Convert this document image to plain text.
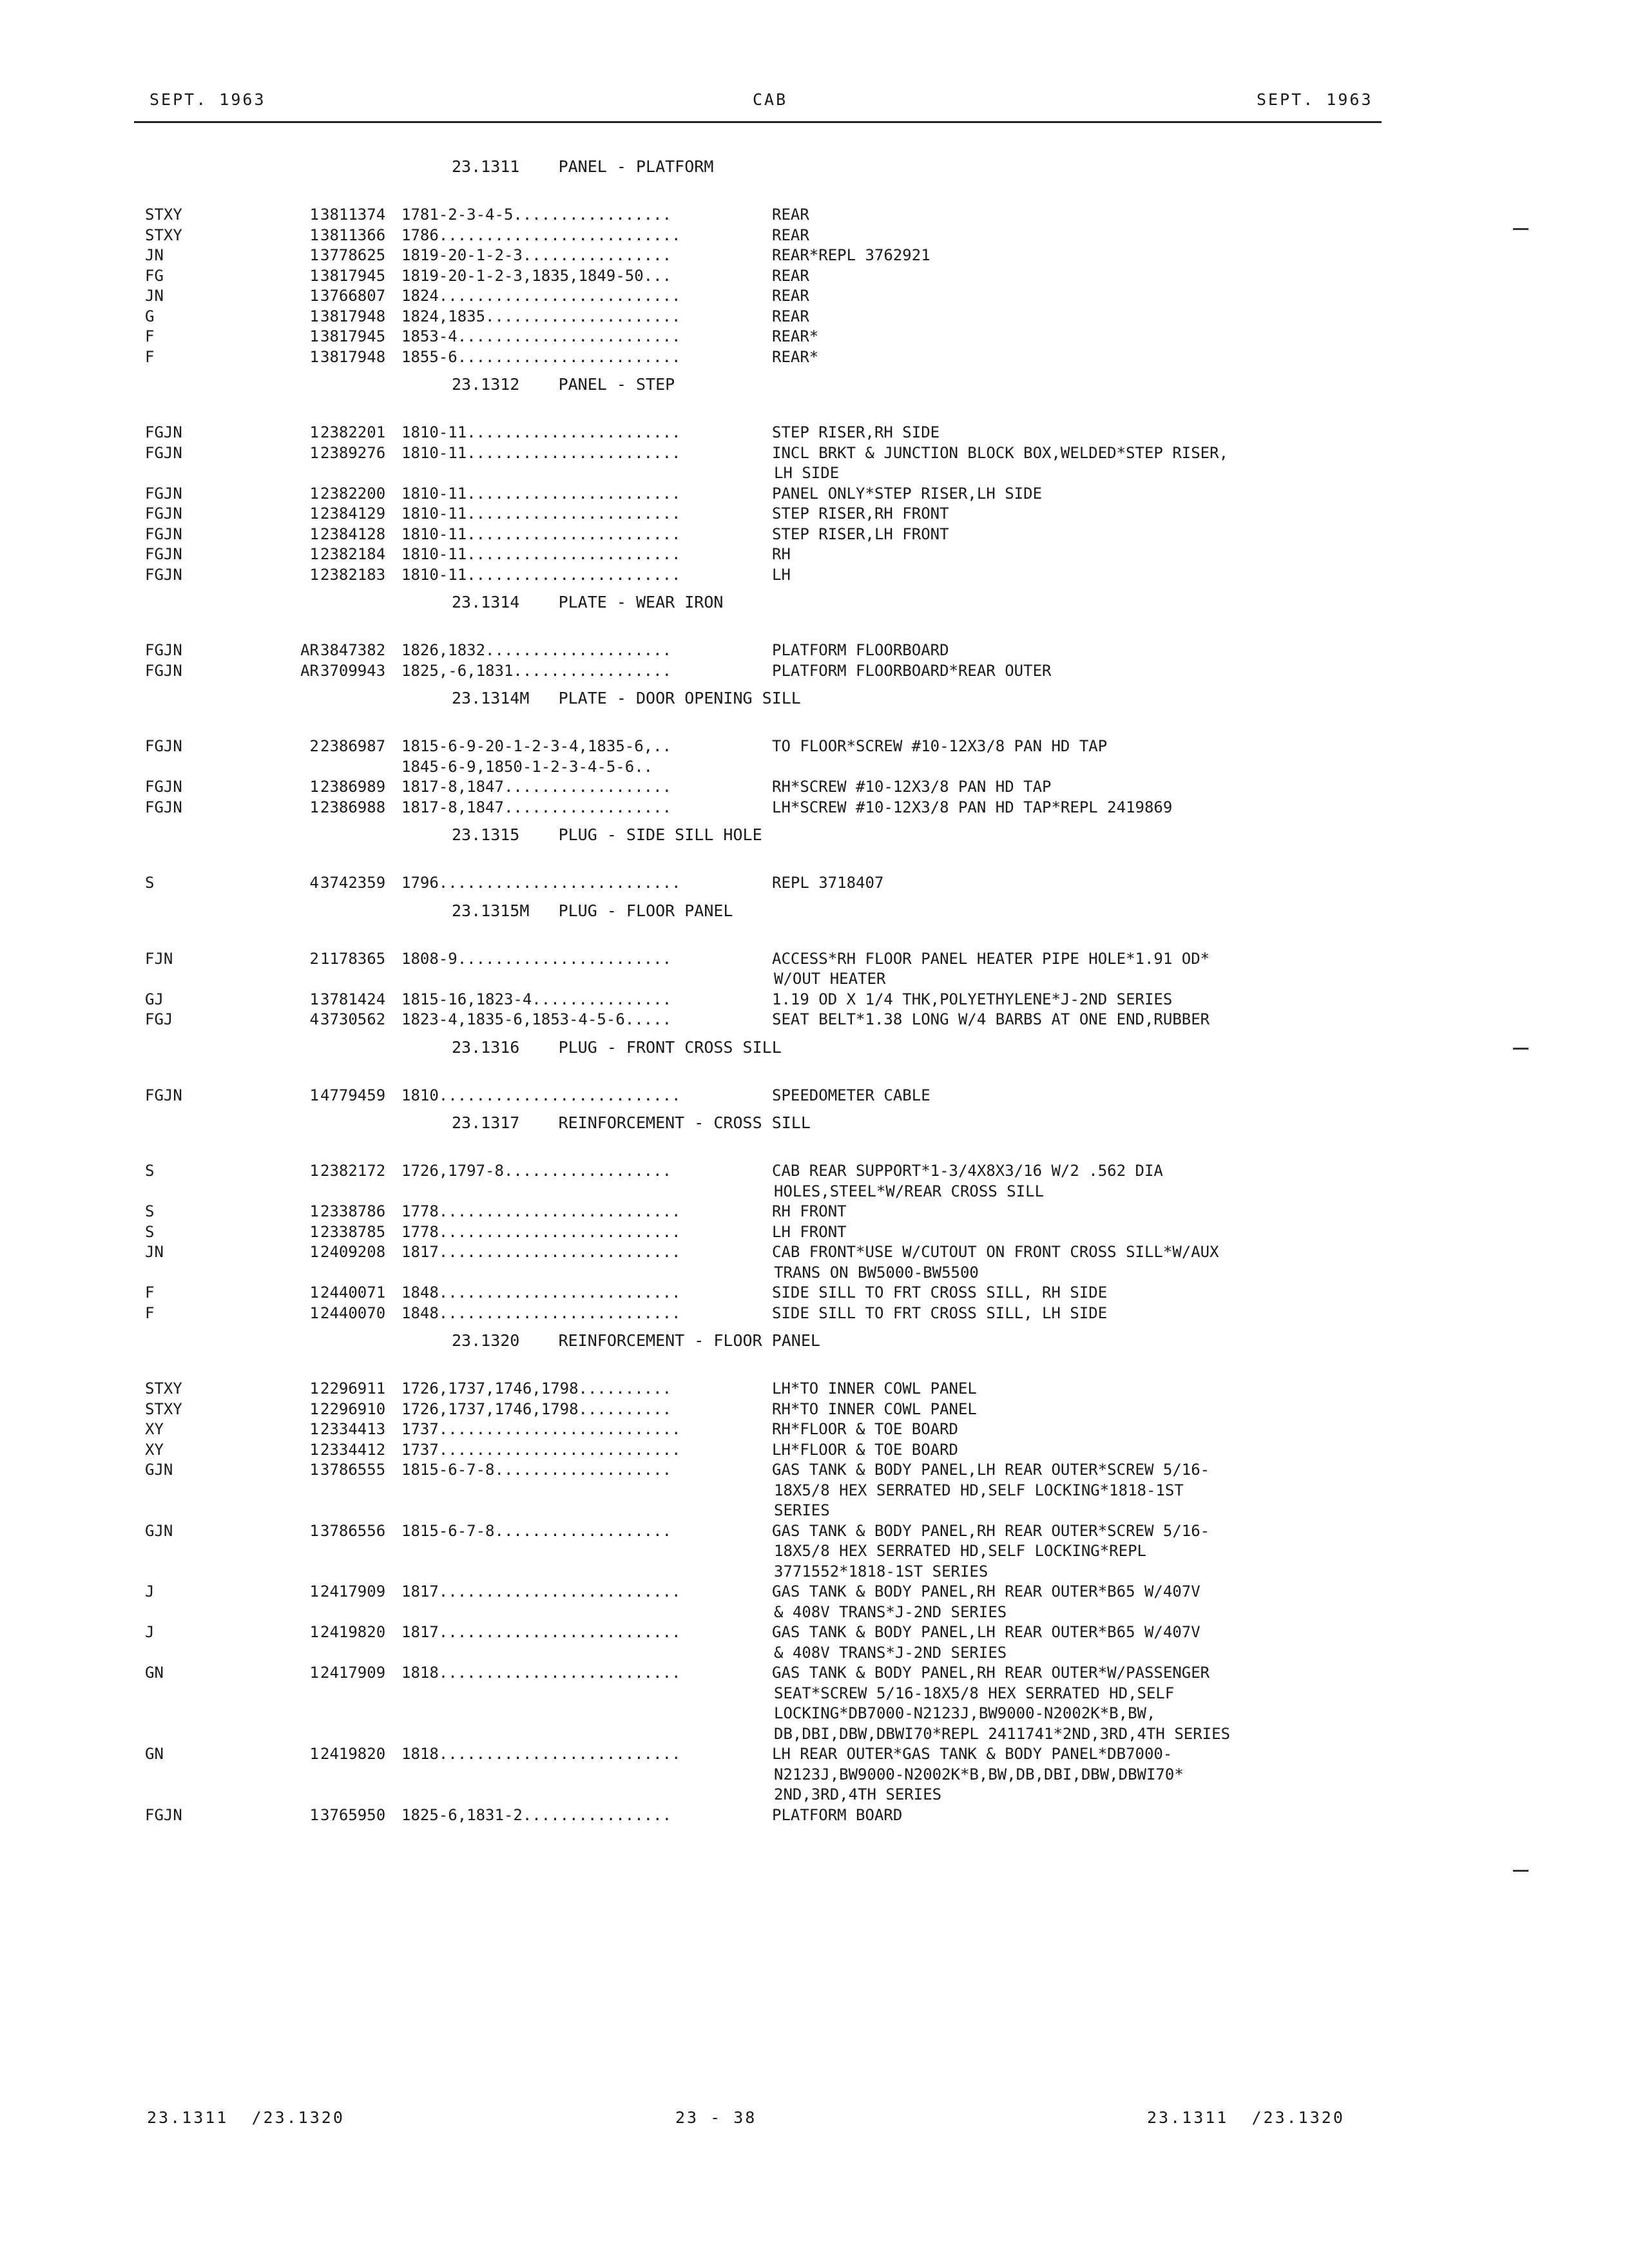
SEPT. 1963	CAB	SEPT. 1963
23.1311    PANEL - PLATFORM
STXY	1 3811374	1781-2-3-4-5.................	REAR
STXY	1 3811366	1786..........................	REAR
JN	1 3778625	1819-20-1-2-3................	REAR*REPL 3762921
FG	1 3817945	1819-20-1-2-3,1835,1849-50...	REAR
JN	1 3766807	1824..........................	REAR
G	1 3817948	1824,1835.....................	REAR
F	1 3817945	1853-4........................	REAR*
F	1 3817948	1855-6........................	REAR*
23.1312    PANEL - STEP
FGJN	1 2382201	1810-11.......................	STEP RISER,RH SIDE
FGJN	1 2389276	1810-11.......................	INCL BRKT & JUNCTION BLOCK BOX,WELDED*STEP RISER,
LH SIDE
FGJN	1 2382200	1810-11.......................	PANEL ONLY*STEP RISER,LH SIDE
FGJN	1 2384129	1810-11.......................	STEP RISER,RH FRONT
FGJN	1 2384128	1810-11.......................	STEP RISER,LH FRONT
FGJN	1 2382184	1810-11.......................	RH
FGJN	1 2382183	1810-11.......................	LH
23.1314    PLATE - WEAR IRON
FGJN	AR 3847382	1826,1832....................	PLATFORM FLOORBOARD
FGJN	AR 3709943	1825,-6,1831.................	PLATFORM FLOORBOARD*REAR OUTER
23.1314M   PLATE - DOOR OPENING SILL
FGJN	2 2386987	1815-6-9-20-1-2-3-4,1835-6,..	TO FLOOR*SCREW #10-12X3/8 PAN HD TAP
1845-6-9,1850-1-2-3-4-5-6..
FGJN	1 2386989	1817-8,1847..................	RH*SCREW #10-12X3/8 PAN HD TAP
FGJN	1 2386988	1817-8,1847..................	LH*SCREW #10-12X3/8 PAN HD TAP*REPL 2419869
23.1315    PLUG - SIDE SILL HOLE
S	4 3742359	1796..........................	REPL 3718407
23.1315M   PLUG - FLOOR PANEL
FJN	2 1178365	1808-9.......................	ACCESS*RH FLOOR PANEL HEATER PIPE HOLE*1.91 OD*
W/OUT HEATER
GJ	1 3781424	1815-16,1823-4...............	1.19 OD X 1/4 THK,POLYETHYLENE*J-2ND SERIES
FGJ	4 3730562	1823-4,1835-6,1853-4-5-6.....	SEAT BELT*1.38 LONG W/4 BARBS AT ONE END,RUBBER
23.1316    PLUG - FRONT CROSS SILL
FGJN	1 4779459	1810..........................	SPEEDOMETER CABLE
23.1317    REINFORCEMENT - CROSS SILL
S	1 2382172	1726,1797-8..................	CAB REAR SUPPORT*1-3/4X8X3/16 W/2 .562 DIA
HOLES,STEEL*W/REAR CROSS SILL
S	1 2338786	1778..........................	RH FRONT
S	1 2338785	1778..........................	LH FRONT
JN	1 2409208	1817..........................	CAB FRONT*USE W/CUTOUT ON FRONT CROSS SILL*W/AUX
TRANS ON BW5000-BW5500
F	1 2440071	1848..........................	SIDE SILL TO FRT CROSS SILL, RH SIDE
F	1 2440070	1848..........................	SIDE SILL TO FRT CROSS SILL, LH SIDE
23.1320    REINFORCEMENT - FLOOR PANEL
STXY	1 2296911	1726,1737,1746,1798..........	LH*TO INNER COWL PANEL
STXY	1 2296910	1726,1737,1746,1798..........	RH*TO INNER COWL PANEL
XY	1 2334413	1737..........................	RH*FLOOR & TOE BOARD
XY	1 2334412	1737..........................	LH*FLOOR & TOE BOARD
GJN	1 3786555	1815-6-7-8...................	GAS TANK & BODY PANEL,LH REAR OUTER*SCREW 5/16-
18X5/8 HEX SERRATED HD,SELF LOCKING*1818-1ST
SERIES
GJN	1 3786556	1815-6-7-8...................	GAS TANK & BODY PANEL,RH REAR OUTER*SCREW 5/16-
18X5/8 HEX SERRATED HD,SELF LOCKING*REPL
3771552*1818-1ST SERIES
J	1 2417909	1817..........................	GAS TANK & BODY PANEL,RH REAR OUTER*B65 W/407V
& 408V TRANS*J-2ND SERIES
J	1 2419820	1817..........................	GAS TANK & BODY PANEL,LH REAR OUTER*B65 W/407V
& 408V TRANS*J-2ND SERIES
GN	1 2417909	1818..........................	GAS TANK & BODY PANEL,RH REAR OUTER*W/PASSENGER
SEAT*SCREW 5/16-18X5/8 HEX SERRATED HD,SELF
LOCKING*DB7000-N2123J,BW9000-N2002K*B,BW,
DB,DBI,DBW,DBWI70*REPL 2411741*2ND,3RD,4TH SERIES
GN	1 2419820	1818..........................	LH REAR OUTER*GAS TANK & BODY PANEL*DB7000-
N2123J,BW9000-N2002K*B,BW,DB,DBI,DBW,DBWI70*
2ND,3RD,4TH SERIES
FGJN	1 3765950	1825-6,1831-2................	PLATFORM BOARD
23.1311  /23.1320	23 - 38	23.1311  /23.1320
